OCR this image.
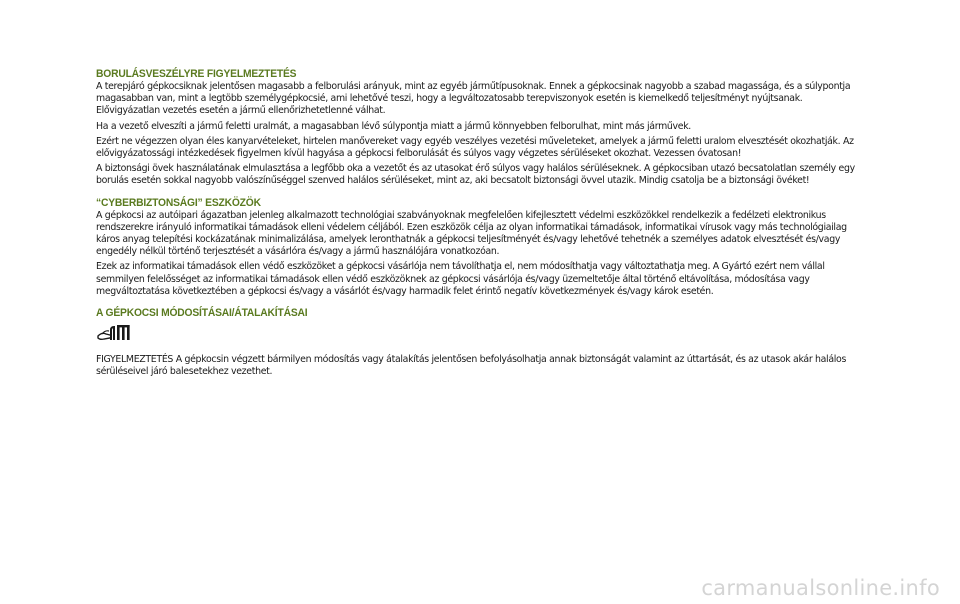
BORULÁSVESZÉLYRE FIGYELMEZTETÉS
A terepjáró gépkocsiknak jelentősen magasabb a felborulási arányuk, mint az egyéb járműtípusoknak. Ennek a gépkocsinak nagyobb a szabad magassága, és a súlypontja magasabban van, mint a legtöbb személygépkocsié, ami lehetővé teszi, hogy a legváltozatosabb terepviszonyok esetén is kiemelkedő teljesítményt nyújtsanak. Elővigyázatlan vezetés esetén a jármű ellenőrizhetetlenné válhat.
Ha a vezető elveszíti a jármű feletti uralmát, a magasabban lévő súlypontja miatt a jármű könnyebben felborulhat, mint más járművek.
Ezért ne végezzen olyan éles kanyarvételeket, hirtelen manővereket vagy egyéb veszélyes vezetési műveleteket, amelyek a jármű feletti uralom elvesztését okozhatják. Az elővigyázatossági intézkedések figyelmen kívül hagyása a gépkocsi felborulását és súlyos vagy végzetes sérüléseket okozhat. Vezessen óvatosan!
A biztonsági övek használatának elmulasztása a legfőbb oka a vezetőt és az utasokat érő súlyos vagy halálos sérüléseknek. A gépkocsiban utazó becsatolatlan személy egy borulás esetén sokkal nagyobb valószínűséggel szenved halálos sérüléseket, mint az, aki becsatolt biztonsági övvel utazik. Mindig csatolja be a biztonsági övéket!
“CYBERBIZTONSÁGI” ESZKÖZÖK
A gépkocsi az autóipari ágazatban jelenleg alkalmazott technológiai szabványoknak megfelelően kifejlesztett védelmi eszközökkel rendelkezik a fedélzeti elektronikus rendszerekre irányuló informatikai támadások elleni védelem céljából. Ezen eszközök célja az olyan informatikai támadások, informatikai vírusok vagy más technológiailag káros anyag telepítési kockázatának minimalizálása, amelyek leronthatnák a gépkocsi teljesítményét és/vagy lehetővé tehetnék a személyes adatok elvesztését és/vagy engedély nélkül történő terjesztését a vásárlóra és/vagy a jármű használójára vonatkozóan.
Ezek az informatikai támadások ellen védő eszközöket a gépkocsi vásárlója nem távolíthatja el, nem módosíthatja vagy változtathatja meg. A Gyártó ezért nem vállal semmilyen felelősséget az informatikai támadások ellen védő eszközöknek az gépkocsi vásárlója és/vagy üzemeltetője által történő eltávolítása, módosítása vagy megváltoztatása következtében a gépkocsi és/vagy a vásárlót és/vagy harmadik felet érintő negatív következmények és/vagy károk esetén.
A GÉPKOCSI MÓDOSÍTÁSAI/ÁTALAKÍTÁSAI
FIGYELMEZTETÉS A gépkocsin végzett bármilyen módosítás vagy átalakítás jelentősen befolyásolhatja annak biztonságát valamint az úttartását, és az utasok akár halálos sérüléseivel járó balesetekhez vezethet.
carmanualsonline.info
